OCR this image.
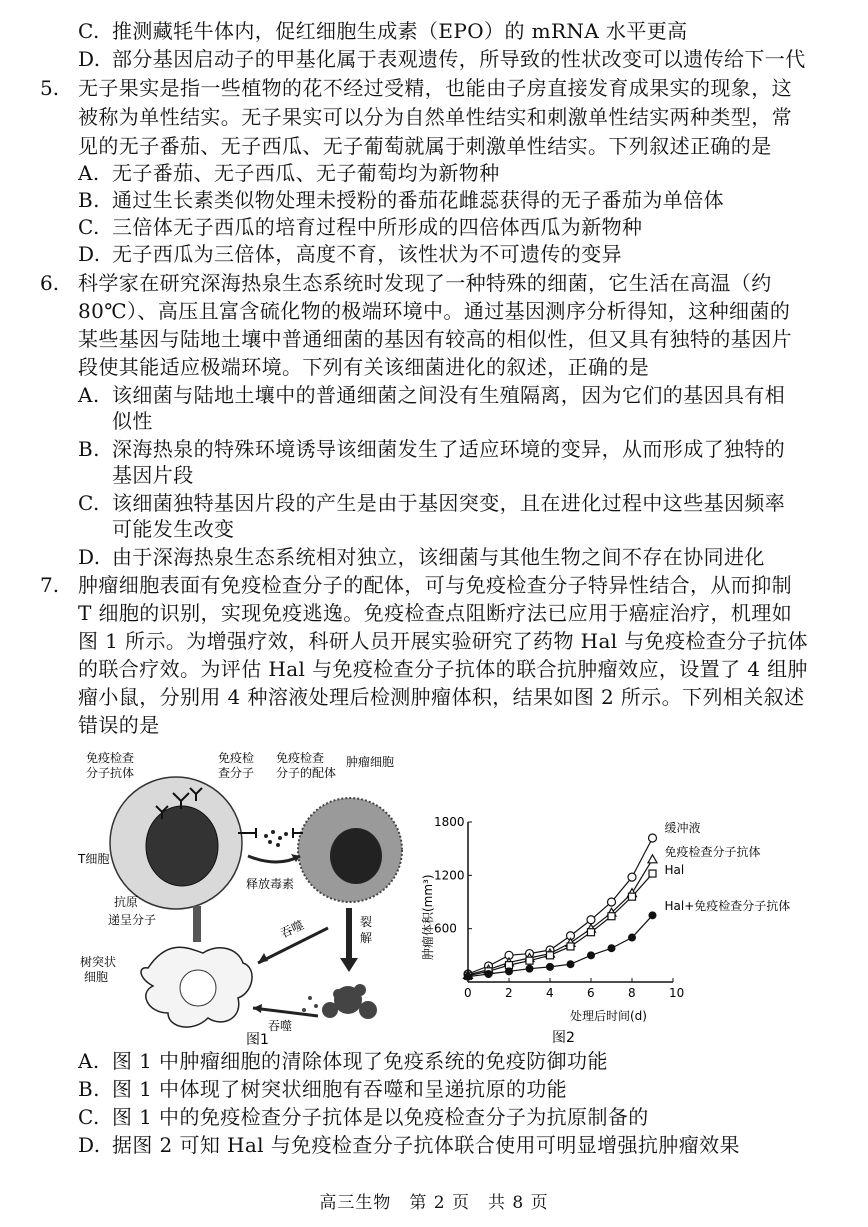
C. 推测藏牦牛体内，促红细胞生成素（EPO）的 mRNA 水平更高
D. 部分基因启动子的甲基化属于表观遗传，所导致的性状改变可以遗传给下一代
5. 无子果实是指一些植物的花不经过受精，也能由子房直接发育成果实的现象，这
被称为单性结实。无子果实可以分为自然单性结实和刺激单性结实两种类型，常
见的无子番茄、无子西瓜、无子葡萄就属于刺激单性结实。下列叙述正确的是
A. 无子番茄、无子西瓜、无子葡萄均为新物种
B. 通过生长素类似物处理未授粉的番茄花雌蕊获得的无子番茄为单倍体
C. 三倍体无子西瓜的培育过程中所形成的四倍体西瓜为新物种
D. 无子西瓜为三倍体，高度不育，该性状为不可遗传的变异
6. 科学家在研究深海热泉生态系统时发现了一种特殊的细菌，它生活在高温（约
80℃）、高压且富含硫化物的极端环境中。通过基因测序分析得知，这种细菌的
某些基因与陆地土壤中普通细菌的基因有较高的相似性，但又具有独特的基因片
段使其能适应极端环境。下列有关该细菌进化的叙述，正确的是
A. 该细菌与陆地土壤中的普通细菌之间没有生殖隔离，因为它们的基因具有相
似性
B. 深海热泉的特殊环境诱导该细菌发生了适应环境的变异，从而形成了独特的
基因片段
C. 该细菌独特基因片段的产生是由于基因突变，且在进化过程中这些基因频率
可能发生改变
D. 由于深海热泉生态系统相对独立，该细菌与其他生物之间不存在协同进化
7. 肿瘤细胞表面有免疫检查分子的配体，可与免疫检查分子特异性结合，从而抑制
T 细胞的识别，实现免疫逃逸。免疫检查点阻断疗法已应用于癌症治疗，机理如
图 1 所示。为增强疗效，科研人员开展实验研究了药物 Hal 与免疫检查分子抗体
的联合疗效。为评估 Hal 与免疫检查分子抗体的联合抗肿瘤效应，设置了 4 组肿
瘤小鼠，分别用 4 种溶液处理后检测肿瘤体积，结果如图 2 所示。下列相关叙述
错误的是
免疫检查
分子抗体
免疫检
查分子
免疫检查
分子的配体
肿瘤细胞
T细胞
释放毒素
裂
解
抗原
递呈分子	吞噬
树突状
细胞
吞噬
图1
0	2	4	6	8	10
600
1200
1800	缓冲液
免疫检查分子抗体
Hal
Hal+免疫检查分子抗体
处理后时间(d)
肿瘤体积(mm³)
图2
A. 图 1 中肿瘤细胞的清除体现了免疫系统的免疫防御功能
B. 图 1 中体现了树突状细胞有吞噬和呈递抗原的功能
C. 图 1 中的免疫检查分子抗体是以免疫检查分子为抗原制备的
D. 据图 2 可知 Hal 与免疫检查分子抗体联合使用可明显增强抗肿瘤效果
高三生物　第 2 页　共 8 页
